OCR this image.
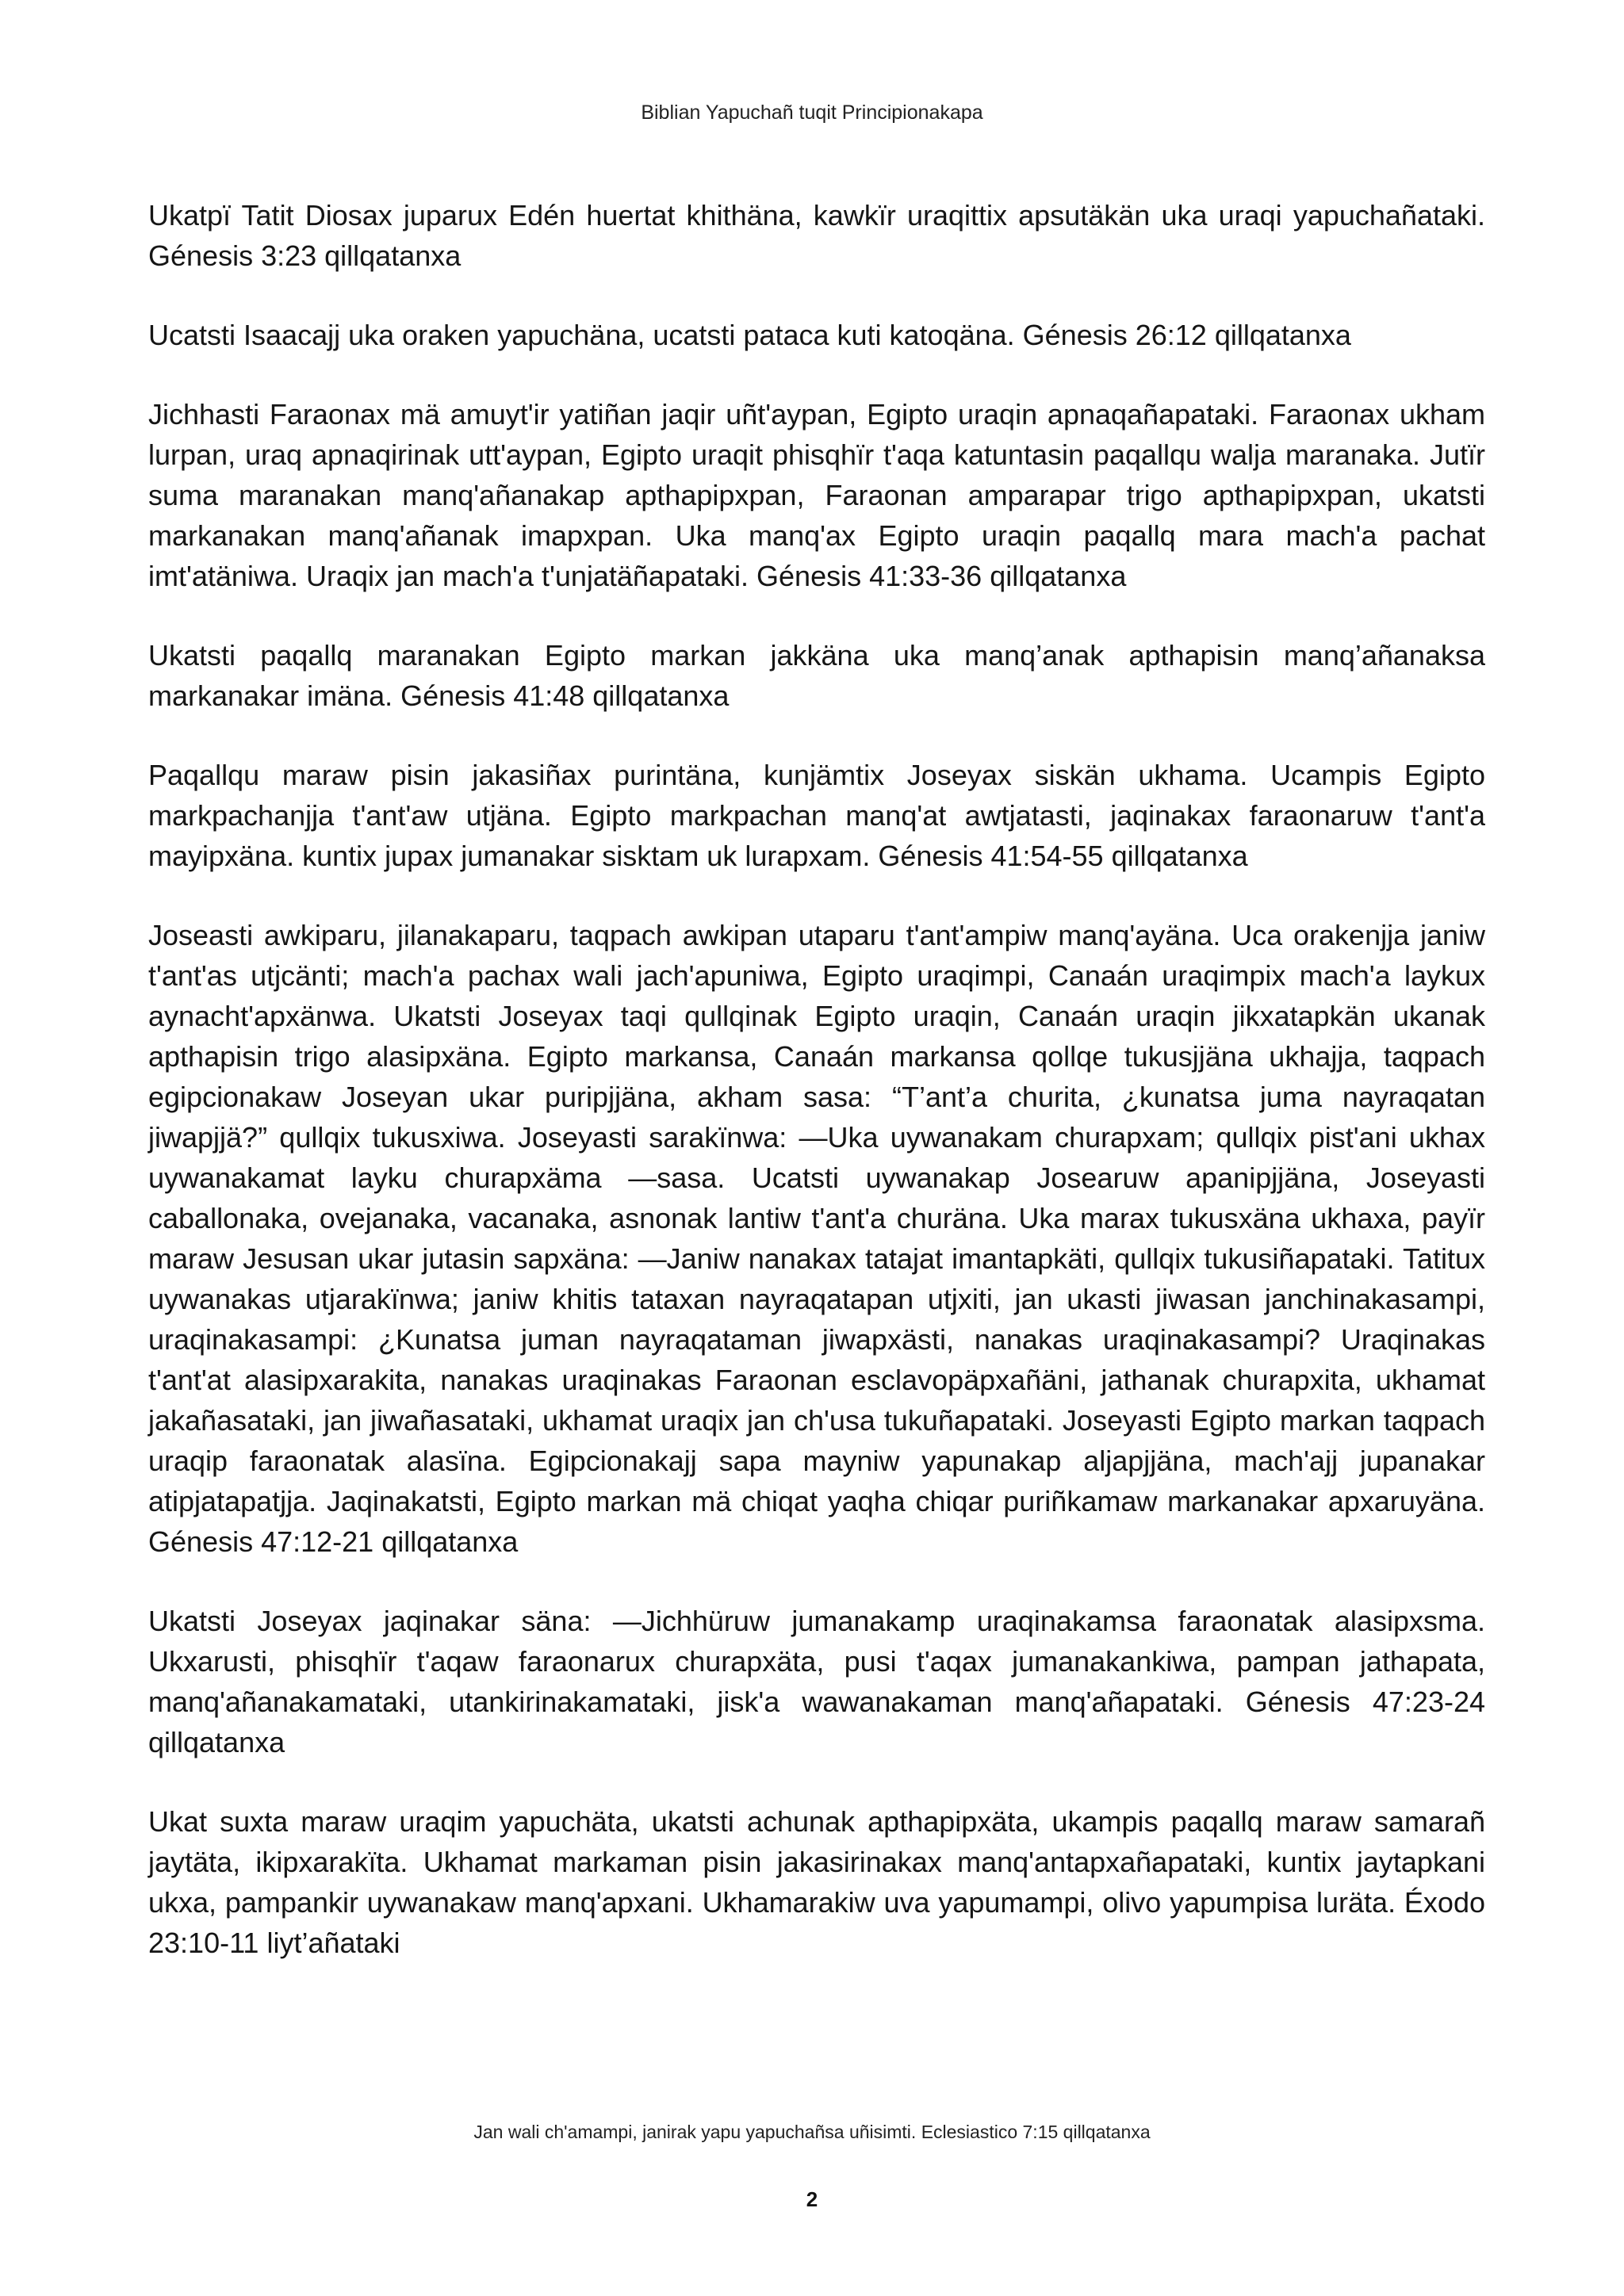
Biblian Yapuchañ tuqit Principionakapa

Ukatpï Tatit Diosax juparux Edén huertat khithäna, kawkïr uraqittix apsutäkän uka uraqi yapuchañataki. Génesis 3:23 qillqatanxa

Ucatsti Isaacajj uka oraken yapuchäna, ucatsti pataca kuti katoqäna. Génesis 26:12 qillqatanxa

Jichhasti Faraonax mä amuyt'ir yatiñan jaqir uñt'aypan, Egipto uraqin apnaqañapataki. Faraonax ukham lurpan, uraq apnaqirinak utt'aypan, Egipto uraqit phisqhïr t'aqa katuntasin paqallqu walja maranaka. Jutïr suma maranakan manq'añanakap apthapipxpan, Faraonan amparapar trigo apthapipxpan, ukatsti markanakan manq'añanak imapxpan. Uka manq'ax Egipto uraqin paqallq mara mach'a pachat imt'atäniwa. Uraqix jan mach'a t'unjatäñapataki. Génesis 41:33-36 qillqatanxa

Ukatsti paqallq maranakan Egipto markan jakkäna uka manq’anak apthapisin manq’añanaksa markanakar imäna. Génesis 41:48 qillqatanxa

Paqallqu maraw pisin jakasiñax purintäna, kunjämtix Joseyax siskän ukhama. Ucampis Egipto markpachanjja t'ant'aw utjäna. Egipto markpachan manq'at awtjatasti, jaqinakax faraonaruw t'ant'a mayipxäna. kuntix jupax jumanakar sisktam uk lurapxam. Génesis 41:54-55 qillqatanxa

Joseasti awkiparu, jilanakaparu, taqpach awkipan utaparu t'ant'ampiw manq'ayäna. Uca orakenjja janiw t'ant'as utjcänti; mach'a pachax wali jach'apuniwa, Egipto uraqimpi, Canaán uraqimpix mach'a laykux aynacht'apxänwa. Ukatsti Joseyax taqi qullqinak Egipto uraqin, Canaán uraqin jikxatapkän ukanak apthapisin trigo alasipxäna. Egipto markansa, Canaán markansa qollqe tukusjjäna ukhajja, taqpach egipcionakaw Joseyan ukar puripjjäna, akham sasa: “T’ant’a churita, ¿kunatsa juma nayraqatan jiwapjjä?” qullqix tukusxiwa. Joseyasti sarakïnwa: —Uka uywanakam churapxam; qullqix pist'ani ukhax uywanakamat layku churapxäma —sasa. Ucatsti uywanakap Josearuw apanipjjäna, Joseyasti caballonaka, ovejanaka, vacanaka, asnonak lantiw t'ant'a churäna. Uka marax tukusxäna ukhaxa, payïr maraw Jesusan ukar jutasin sapxäna: —Janiw nanakax tatajat imantapkäti, qullqix tukusiñapataki. Tatitux uywanakas utjarakïnwa; janiw khitis tataxan nayraqatapan utjxiti, jan ukasti jiwasan janchinakasampi, uraqinakasampi: ¿Kunatsa juman nayraqataman jiwapxästi, nanakas uraqinakasampi? Uraqinakas t'ant'at alasipxarakita, nanakas uraqinakas Faraonan esclavopäpxañäni, jathanak churapxita, ukhamat jakañasataki, jan jiwañasataki, ukhamat uraqix jan ch'usa tukuñapataki. Joseyasti Egipto markan taqpach uraqip faraonatak alasïna. Egipcionakajj sapa mayniw yapunakap aljapjjäna, mach'ajj jupanakar atipjatapatjja. Jaqinakatsti, Egipto markan mä chiqat yaqha chiqar puriñkamaw markanakar apxaruyäna. Génesis 47:12-21 qillqatanxa

Ukatsti Joseyax jaqinakar säna: —Jichhüruw jumanakamp uraqinakamsa faraonatak alasipxsma. Ukxarusti, phisqhïr t'aqaw faraonarux churapxäta, pusi t'aqax jumanakankiwa, pampan jathapata, manq'añanakamataki, utankirinakamataki, jisk'a wawanakaman manq'añapataki. Génesis 47:23-24 qillqatanxa

Ukat suxta maraw uraqim yapuchäta, ukatsti achunak apthapipxäta, ukampis paqallq maraw samarañ jaytäta, ikipxarakïta. Ukhamat markaman pisin jakasirinakax manq'antapxañapataki, kuntix jaytapkani ukxa, pampankir uywanakaw manq'apxani. Ukhamarakiw uva yapumampi, olivo yapumpisa luräta. Éxodo 23:10-11 liyt’añataki

Jan wali ch'amampi, janirak yapu yapuchañsa uñisimti. Eclesiastico 7:15 qillqatanxa
2
